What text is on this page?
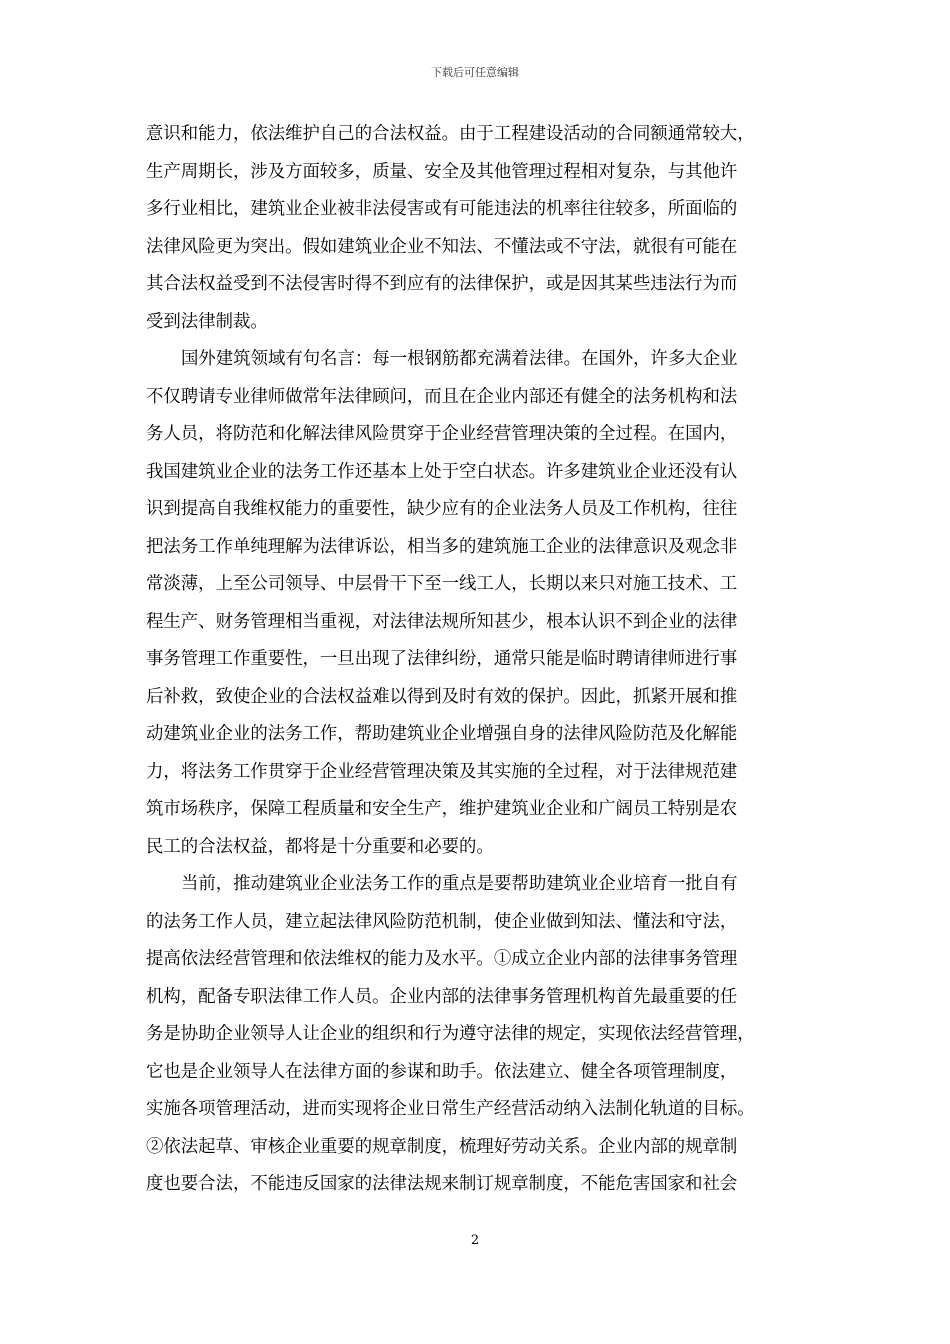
下载后可任意编辑
意识和能力，依法维护自己的合法权益。由于工程建设活动的合同额通常较大，
生产周期长，涉及方面较多，质量、安全及其他管理过程相对复杂，与其他许
多行业相比，建筑业企业被非法侵害或有可能违法的机率往往较多，所面临的
法律风险更为突出。假如建筑业企业不知法、不懂法或不守法，就很有可能在
其合法权益受到不法侵害时得不到应有的法律保护，或是因其某些违法行为而
受到法律制裁。
国外建筑领域有句名言：每一根钢筋都充满着法律。在国外，许多大企业
不仅聘请专业律师做常年法律顾问，而且在企业内部还有健全的法务机构和法
务人员，将防范和化解法律风险贯穿于企业经营管理决策的全过程。在国内，
我国建筑业企业的法务工作还基本上处于空白状态。许多建筑业企业还没有认
识到提高自我维权能力的重要性，缺少应有的企业法务人员及工作机构，往往
把法务工作单纯理解为法律诉讼，相当多的建筑施工企业的法律意识及观念非
常淡薄，上至公司领导、中层骨干下至一线工人，长期以来只对施工技术、工
程生产、财务管理相当重视，对法律法规所知甚少，根本认识不到企业的法律
事务管理工作重要性，一旦出现了法律纠纷，通常只能是临时聘请律师进行事
后补救，致使企业的合法权益难以得到及时有效的保护。因此，抓紧开展和推
动建筑业企业的法务工作，帮助建筑业企业增强自身的法律风险防范及化解能
力，将法务工作贯穿于企业经营管理决策及其实施的全过程，对于法律规范建
筑市场秩序，保障工程质量和安全生产，维护建筑业企业和广阔员工特别是农
民工的合法权益，都将是十分重要和必要的。
当前，推动建筑业企业法务工作的重点是要帮助建筑业企业培育一批自有
的法务工作人员，建立起法律风险防范机制，使企业做到知法、懂法和守法，
提高依法经营管理和依法维权的能力及水平。①成立企业内部的法律事务管理
机构，配备专职法律工作人员。企业内部的法律事务管理机构首先最重要的任
务是协助企业领导人让企业的组织和行为遵守法律的规定，实现依法经营管理，
它也是企业领导人在法律方面的参谋和助手。依法建立、健全各项管理制度，
实施各项管理活动，进而实现将企业日常生产经营活动纳入法制化轨道的目标。
②依法起草、审核企业重要的规章制度，梳理好劳动关系。企业内部的规章制
度也要合法，不能违反国家的法律法规来制订规章制度，不能危害国家和社会
2
